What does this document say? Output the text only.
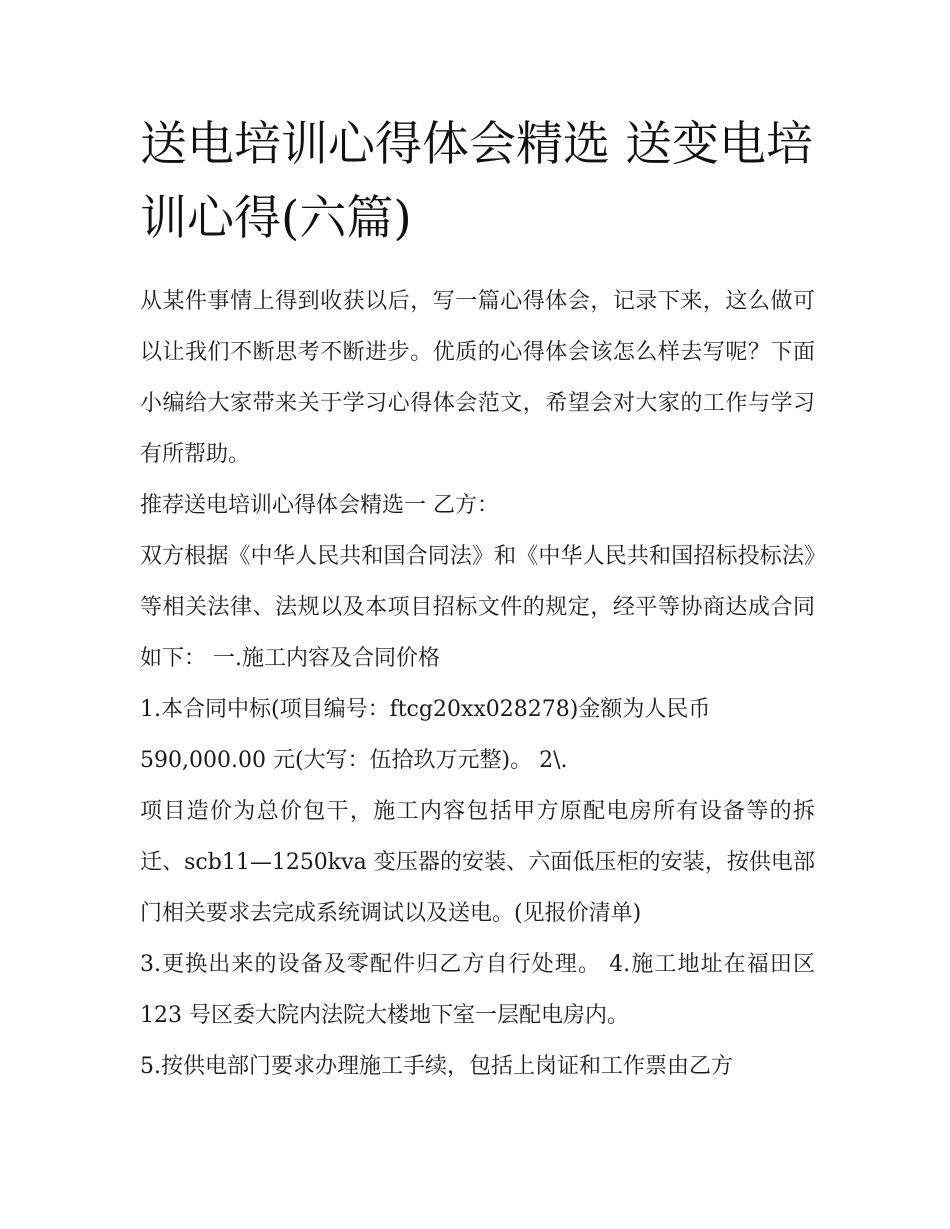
送电培训心得体会精选 送变电培训心得(六篇)

从某件事情上得到收获以后，写一篇心得体会，记录下来，这么做可以让我们不断思考不断进步。优质的心得体会该怎么样去写呢？下面小编给大家带来关于学习心得体会范文，希望会对大家的工作与学习有所帮助。

推荐送电培训心得体会精选一 乙方：

双方根据《中华人民共和国合同法》和《中华人民共和国招标投标法》等相关法律、法规以及本项目招标文件的规定，经平等协商达成合同如下： 一.施工内容及合同价格

1.本合同中标(项目编号：ftcg20xx028278)金额为人民币

590,000.00 元(大写：伍拾玖万元整)。 2\.

项目造价为总价包干，施工内容包括甲方原配电房所有设备等的拆迁、scb11—1250kva 变压器的安装、六面低压柜的安装，按供电部门相关要求去完成系统调试以及送电。(见报价清单)

3.更换出来的设备及零配件归乙方自行处理。 4.施工地址在福田区 123 号区委大院内法院大楼地下室一层配电房内。

5.按供电部门要求办理施工手续，包括上岗证和工作票由乙方
